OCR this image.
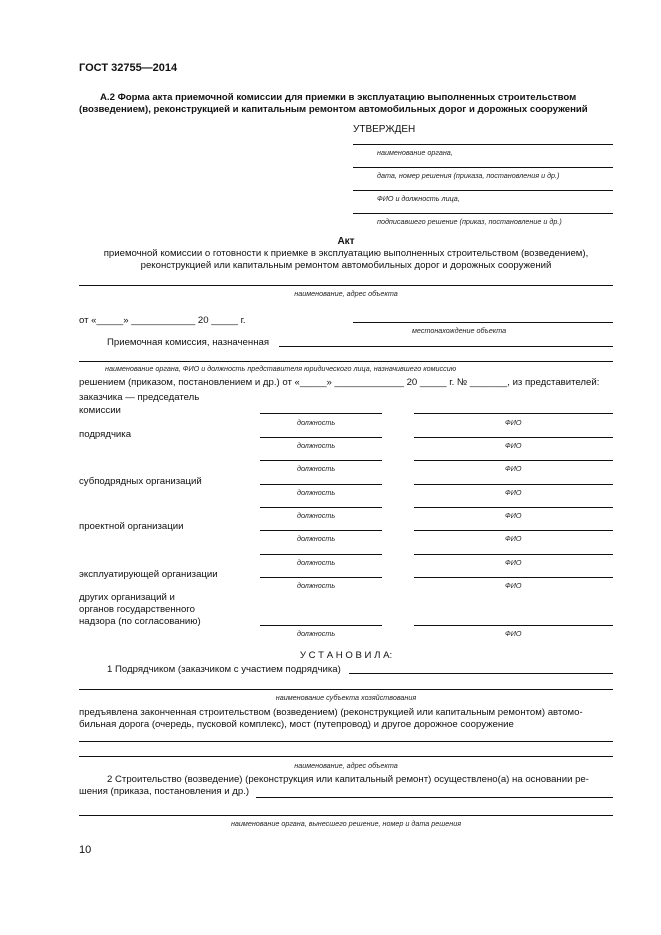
ГОСТ 32755—2014
А.2 Форма акта приемочной комиссии для приемки в эксплуатацию выполненных строительством
(возведением), реконструкцией и капитальным ремонтом автомобильных дорог и дорожных сооружений
УТВЕРЖДЕН
наименование органа,
дата, номер решения (приказа, постановления и др.)
ФИО и должность лица,
подписавшего решение (приказ, постановление и др.)
Акт
приемочной комиссии о готовности к приемке в эксплуатацию выполненных строительством (возведением),
реконструкцией или капитальным ремонтом автомобильных дорог и дорожных сооружений
наименование, адрес объекта
от «_____» ____________ 20 _____ г.
местонахождение объекта
Приемочная комиссия, назначенная
наименование органа, ФИО и должность представителя юридического лица, назначившего комиссию
решением (приказом, постановлением и др.) от «_____» _____________ 20 _____ г. № _______, из представителей:
заказчика — председатель
комиссии
должность	ФИО
подрядчика
должность	ФИО
должность	ФИО
субподрядных организаций
должность	ФИО
должность	ФИО
проектной организации
должность	ФИО
должность	ФИО
эксплуатирующей организации
должность	ФИО
других организаций и
органов государственного
надзора (по согласованию)
должность	ФИО
У С Т А Н О В И Л А:
1 Подрядчиком (заказчиком с участием подрядчика)
наименование субъекта хозяйствования
предъявлена законченная строительством (возведением) (реконструкцией или капитальным ремонтом) автомо-
бильная дорога (очередь, пусковой комплекс), мост (путепровод) и другое дорожное сооружение
наименование, адрес объекта
2 Строительство (возведение) (реконструкция или капитальный ремонт) осуществлено(а) на основании ре-
шения (приказа, постановления и др.)
наименование органа, вынесшего решение, номер и дата решения
10
